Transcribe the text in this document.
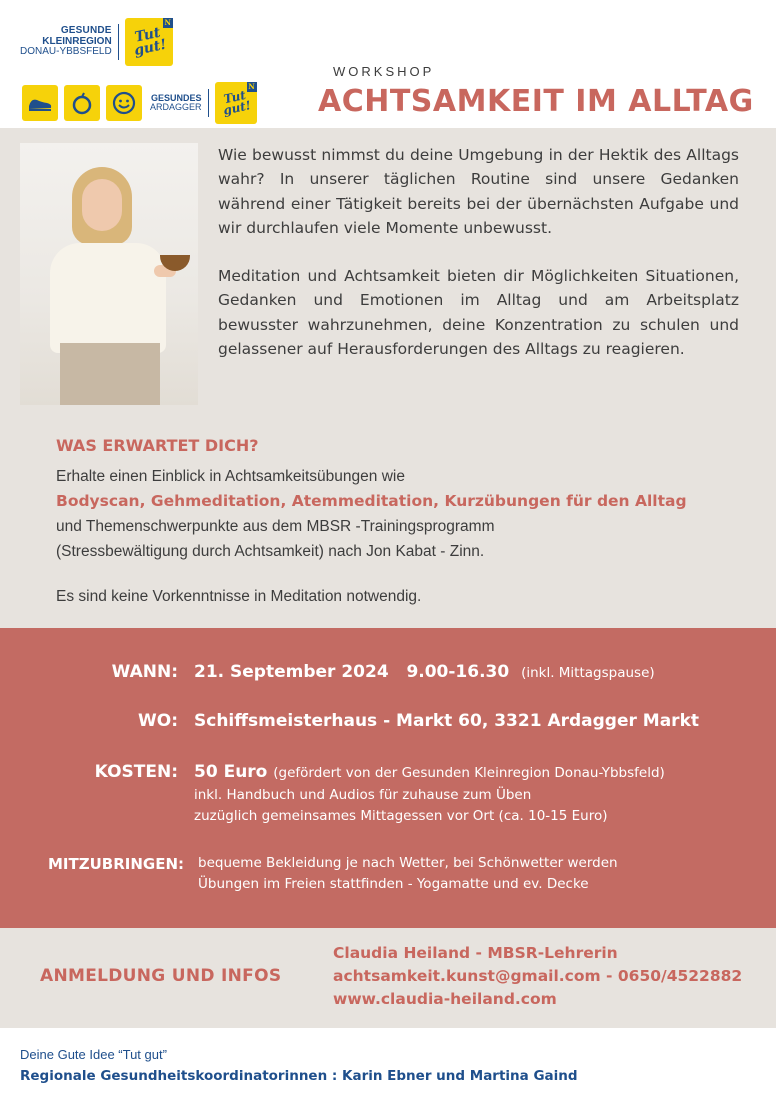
GESUNDE
KLEINREGION
DONAU-YBBSFELD
N
Tut gut!
GESUNDES
ARDAGGER
N
Tut gut!
WORKSHOP
ACHTSAMKEIT IM ALLTAG

Wie bewusst nimmst du deine Umgebung in der Hektik des Alltags wahr? In unserer täglichen Routine sind unsere Gedanken während einer Tätigkeit bereits bei der übernächsten Aufgabe und wir durchlaufen viele Momente unbewusst.

Meditation und Achtsamkeit bieten dir Möglichkeiten Situationen, Gedanken und Emotionen im Alltag und am Arbeitsplatz bewusster wahrzunehmen, deine Konzentration zu schulen und gelassener auf Herausforderungen des Alltags zu reagieren.

WAS ERWARTET DICH?
Erhalte einen Einblick in Achtsamkeitsübungen wie
Bodyscan, Gehmeditation, Atemmeditation, Kurzübungen für den Alltag
und Themenschwerpunkte aus dem MBSR -Trainingsprogramm
(Stressbewältigung durch Achtsamkeit) nach Jon Kabat - Zinn.
Es sind keine Vorkenntnisse in Meditation notwendig.
WANN: 21. September 2024 9.00-16.30 (inkl. Mittagspause)
WO: Schiffsmeisterhaus - Markt 60, 3321 Ardagger Markt
KOSTEN: 50 Euro (gefördert von der Gesunden Kleinregion Donau-Ybbsfeld)
inkl. Handbuch und Audios für zuhause zum Üben
zuzüglich gemeinsames Mittagessen vor Ort (ca. 10-15 Euro)
MITZUBRINGEN: bequeme Bekleidung je nach Wetter, bei Schönwetter werden
Übungen im Freien stattfinden - Yogamatte und ev. Decke
ANMELDUNG UND INFOS
Claudia Heiland - MBSR-Lehrerin
achtsamkeit.kunst@gmail.com - 0650/4522882
www.claudia-heiland.com
Deine Gute Idee “Tut gut”
Regionale Gesundheitskoordinatorinnen : Karin Ebner und Martina Gaind
